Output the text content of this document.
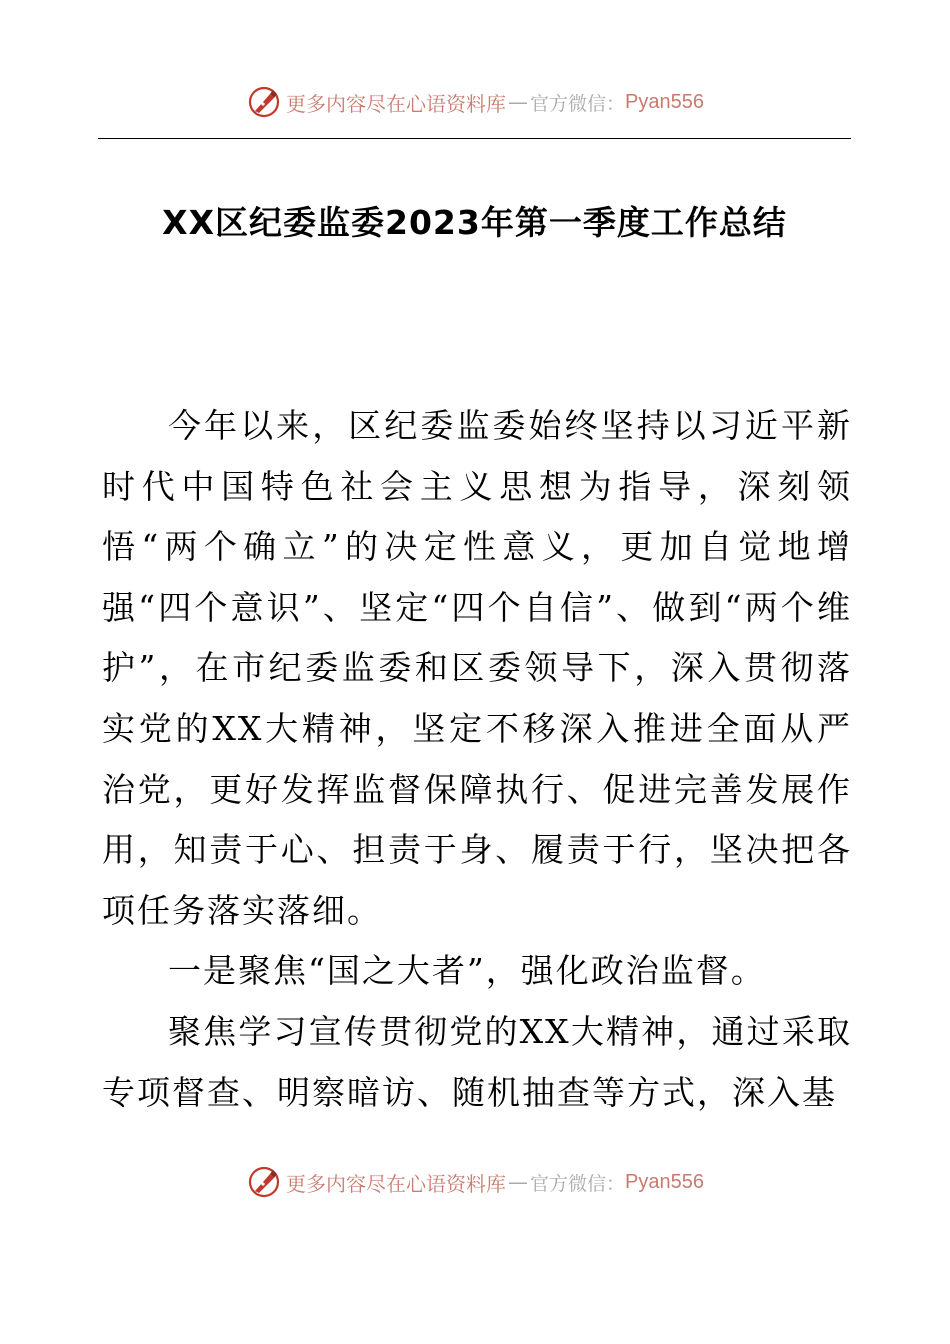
更多内容尽在心语资料库 — 官方微信： Pyan556
XX区纪委监委2023年第一季度工作总结

今年以来，区纪委监委始终坚持以习近平新时代中国特色社会主义思想为指导，深刻领悟“两个确立”的决定性意义，更加自觉地增强“四个意识”、坚定“四个自信”、做到“两个维护”，在市纪委监委和区委领导下，深入贯彻落实党的XX大精神，坚定不移深入推进全面从严治党，更好发挥监督保障执行、促进完善发展作用，知责于心、担责于身、履责于行，坚决把各项任务落实落细。

一是聚焦“国之大者”，强化政治监督。

聚焦学习宣传贯彻党的XX大精神，通过采取专项督查、明察暗访、随机抽查等方式，深入基

更多内容尽在心语资料库 — 官方微信： Pyan556
